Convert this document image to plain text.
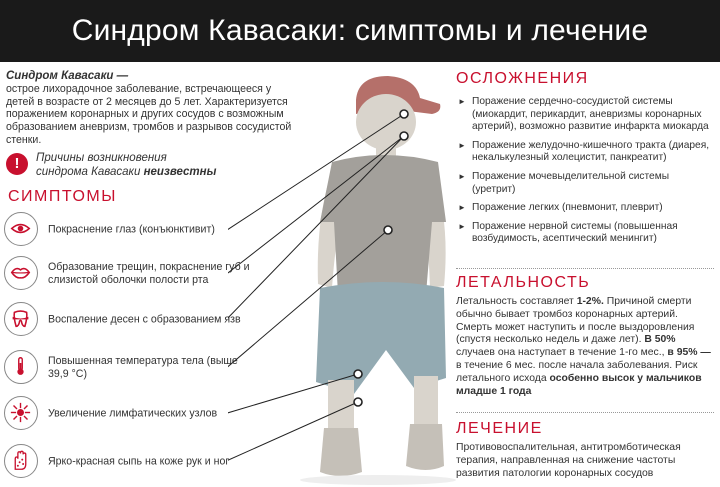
Синдром Кавасаки: симптомы и лечение
Синдром Кавасаки —
острое лихорадочное заболевание, встречающееся у детей в возрасте от 2 месяцев до 5 лет. Характеризуется поражением коронарных и других сосудов с возможным образованием аневризм, тромбов и разрывов сосудистой стенки.
!	Причины возникновения
синдрома Кавасаки неизвестны
СИМПТОМЫ
Покраснение глаз (конъюнктивит)
Образование трещин, покраснение губ и слизистой оболочки полости рта
Воспаление десен с образованием язв
Повышенная температура тела (выше 39,9 °С)
Увеличение лимфатических узлов
Ярко-красная сыпь на коже рук и ног
ОСЛОЖНЕНИЯ
► Поражение сердечно-сосудистой системы (миокардит, перикардит, аневризмы коронарных артерий), возможно развитие инфаркта миокарда
► Поражение желудочно-кишечного тракта (диарея, некалькулезный холецистит, панкреатит)
► Поражение мочевыделительной системы (уретрит)
► Поражение легких (пневмонит, плеврит)
► Поражение нервной системы (повышенная возбудимость, асептический менингит)
ЛЕТАЛЬНОСТЬ
Летальность составляет 1-2%. Причиной смерти обычно бывает тромбоз коронарных артерий. Смерть может наступить и после выздоровления (спустя несколько недель и даже лет). В 50% случаев она наступает в течение 1-го мес., в 95% — в течение 6 мес. после начала заболевания. Риск летального исхода особенно высок у мальчиков младше 1 года
ЛЕЧЕНИЕ
Противовоспалительная, антитромботическая терапия, направленная на снижение частоты развития патологии коронарных сосудов
